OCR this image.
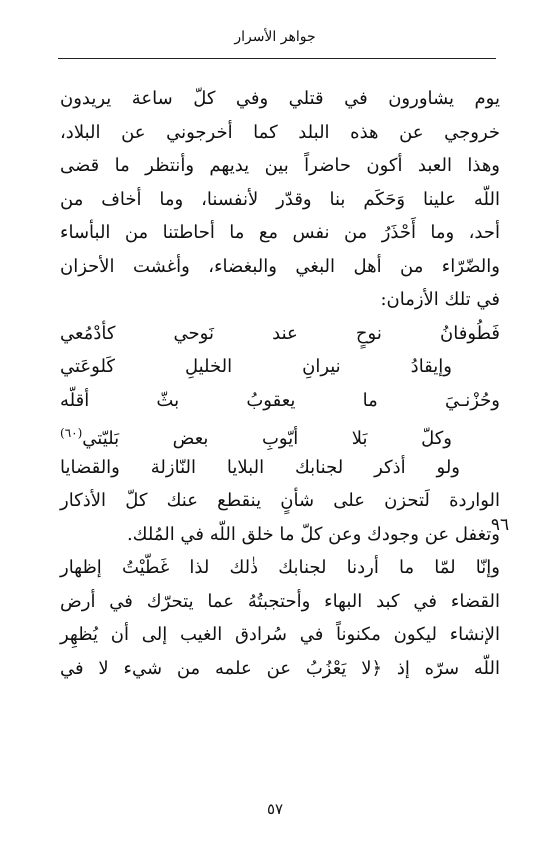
جواهر الأسرار
يوم يشاورون في قتلي وفي كلّ ساعة يريدون
خروجي عن هذه البلد كما أخرجوني عن البلاد،
وهذا العبد أكون حاضراً بين يديهم وأنتظر ما قضى
اللّه علينا وَحَكَم بنا وقدّر لأنفسنا، وما أخاف من
أحد، وما أَحْذَرُ من نفس مع ما أحاطتنا من البأساء
والضّرّاء من أهل البغي والبغضاء، وأغشت الأحزان
في تلك الأزمان:
فَطُوفانُ نوحٍ عند نَوحي كأدْمُعي
وإيقادُ نيرانِ الخليلِ كَلوعَتي
وحُزْنـيَ ما يعقوبُ بثّ أقلّه
وكلّ بَلا أيّوبِ بعض بَليّتي$^{(٦٠)}$
ولو أذكر لجنابك البلايا النّازلة والقضايا
الواردة لَتحزن على شأنٍ ينقطع عنك كلّ الأذكار
وتغفل عن وجودك وعن كلّ ما خلق اللّه في المُلك.
وإنّا لمّا ما أردنا لجنابك ذٰلك لذا غَطّيْتُ إظهار
القضاء في كبد البهاء وأحتجبتُهُ عما يتحرّك في أرض
الإنشاء ليكون مكنوناً في سُرادق الغيب إلى أن يُظهِر
اللّه سرّه إذ ﴿لا يَعْزُبُ عن علمه من شيء لا في
٩٦
٥٧
